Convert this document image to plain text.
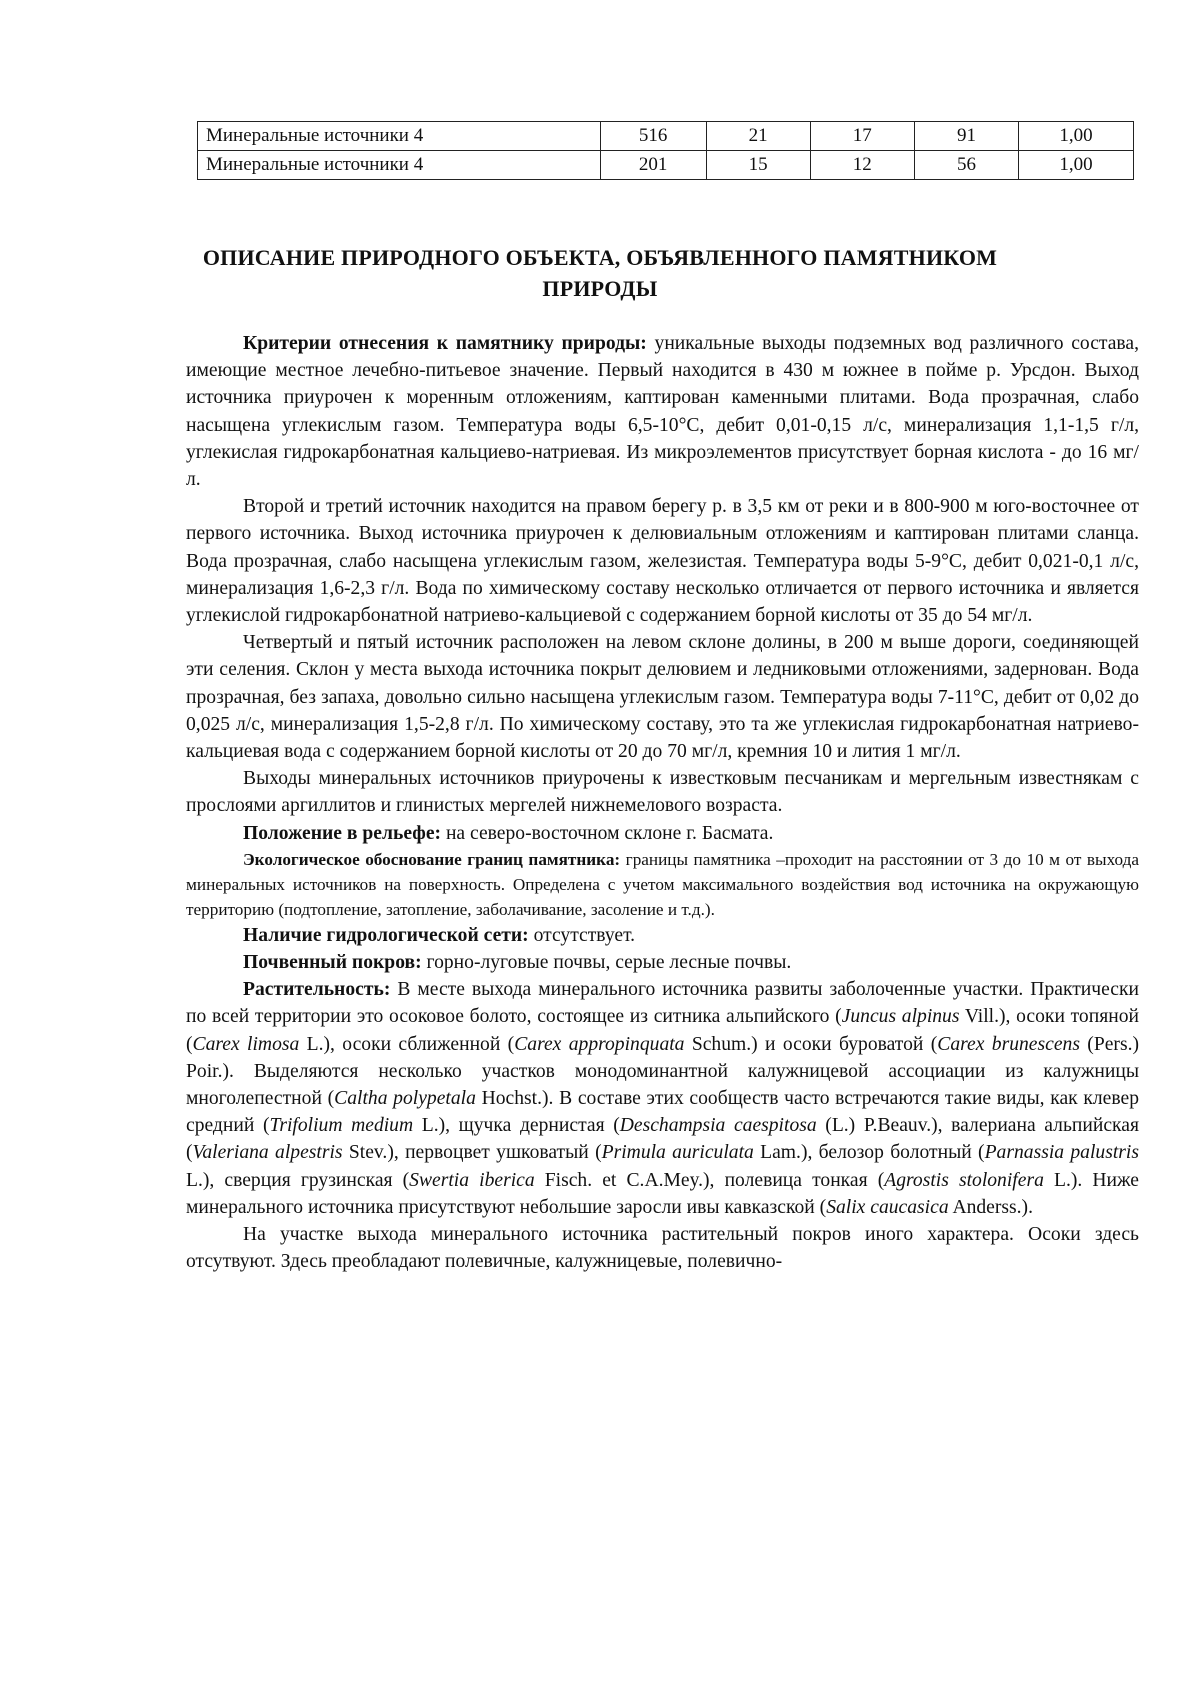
Минеральные источники 4	516	21	17	91	1,00
Минеральные источники 4	201	15	12	56	1,00
ОПИСАНИЕ ПРИРОДНОГО ОБЪЕКТА, ОБЪЯВЛЕННОГО ПАМЯТНИКОМ
ПРИРОДЫ

Критерии отнесения к памятнику природы: уникальные выходы подземных вод различного состава, имеющие местное лечебно-питьевое значение. Первый находится в 430 м южнее в пойме р. Урсдон. Выход источника приурочен к моренным отложениям, каптирован каменными плитами. Вода прозрачная, слабо насыщена углекислым газом. Температура воды 6,5-10°С, дебит 0,01-0,15 л/с, минерализация 1,1-1,5 г/л, углекислая гидрокарбонатная кальциево-натриевая. Из микроэлементов присутствует борная кислота - до 16 мг/л.

Второй и третий источник находится на правом берегу р. в 3,5 км от реки и в 800-900 м юго-восточнее от первого источника. Выход источника приурочен к делювиальным отложениям и каптирован плитами сланца. Вода прозрачная, слабо насыщена углекислым газом, железистая. Температура воды 5-9°С, дебит 0,021-0,1 л/с, минерализация 1,6-2,3 г/л. Вода по химическому составу несколько отличается от первого источника и является углекислой гидрокарбонатной натриево-кальциевой с содержанием борной кислоты от 35 до 54 мг/л.

Четвертый и пятый источник расположен на левом склоне долины, в 200 м выше дороги, соединяющей эти селения. Склон у места выхода источника покрыт делювием и ледниковыми отложениями, задернован. Вода прозрачная, без запаха, довольно сильно насыщена углекислым газом. Температура воды 7-11°С, дебит от 0,02 до 0,025 л/с, минерализация 1,5-2,8 г/л. По химическому составу, это та же углекислая гидрокарбонатная натриево- кальциевая вода с содержанием борной кислоты от 20 до 70 мг/л, кремния 10 и лития 1 мг/л.

Выходы минеральных источников приурочены к известковым песчаникам и мергельным известнякам с прослоями аргиллитов и глинистых мергелей нижнемелового возраста.

Положение в рельефе: на северо-восточном склоне г. Басмата.

Экологическое обоснование границ памятника: границы памятника –проходит на расстоянии от 3 до 10 м от выхода минеральных источников на поверхность. Определена с учетом максимального воздействия вод источника на окружающую территорию (подтопление, затопление, заболачивание, засоление и т.д.).

Наличие гидрологической сети: отсутствует.

Почвенный покров: горно-луговые почвы, серые лесные почвы.

Растительность: В месте выхода минерального источника развиты заболоченные участки. Практически по всей территории это осоковое болото, состоящее из ситника альпийского (Juncus alpinus Vill.), осоки топяной (Carex limosa L.), осоки сближенной (Carex appropinquata Schum.) и осоки буроватой (Carex brunescens (Pers.) Poir.). Выделяются несколько участков монодоминантной калужницевой ассоциации из калужницы многолепестной (Caltha polypetala Hochst.). В составе этих сообществ часто встречаются такие виды, как клевер средний (Trifolium medium L.), щучка дернистая (Deschampsia caespitosa (L.) P.Beauv.), валериана альпийская (Valeriana alpestris Stev.), первоцвет ушковатый (Primula auriculata Lam.), белозор болотный (Parnassia palustris L.), сверция грузинская (Swertia iberica Fisch. et C.A.Mey.), полевица тонкая (Agrostis stolonifera L.). Ниже минерального источника присутствуют небольшие заросли ивы кавказской (Salix caucasica Anderss.).

На участке выхода минерального источника растительный покров иного характера. Осоки здесь отсутвуют. Здесь преобладают полевичные, калужницевые, полевично-
